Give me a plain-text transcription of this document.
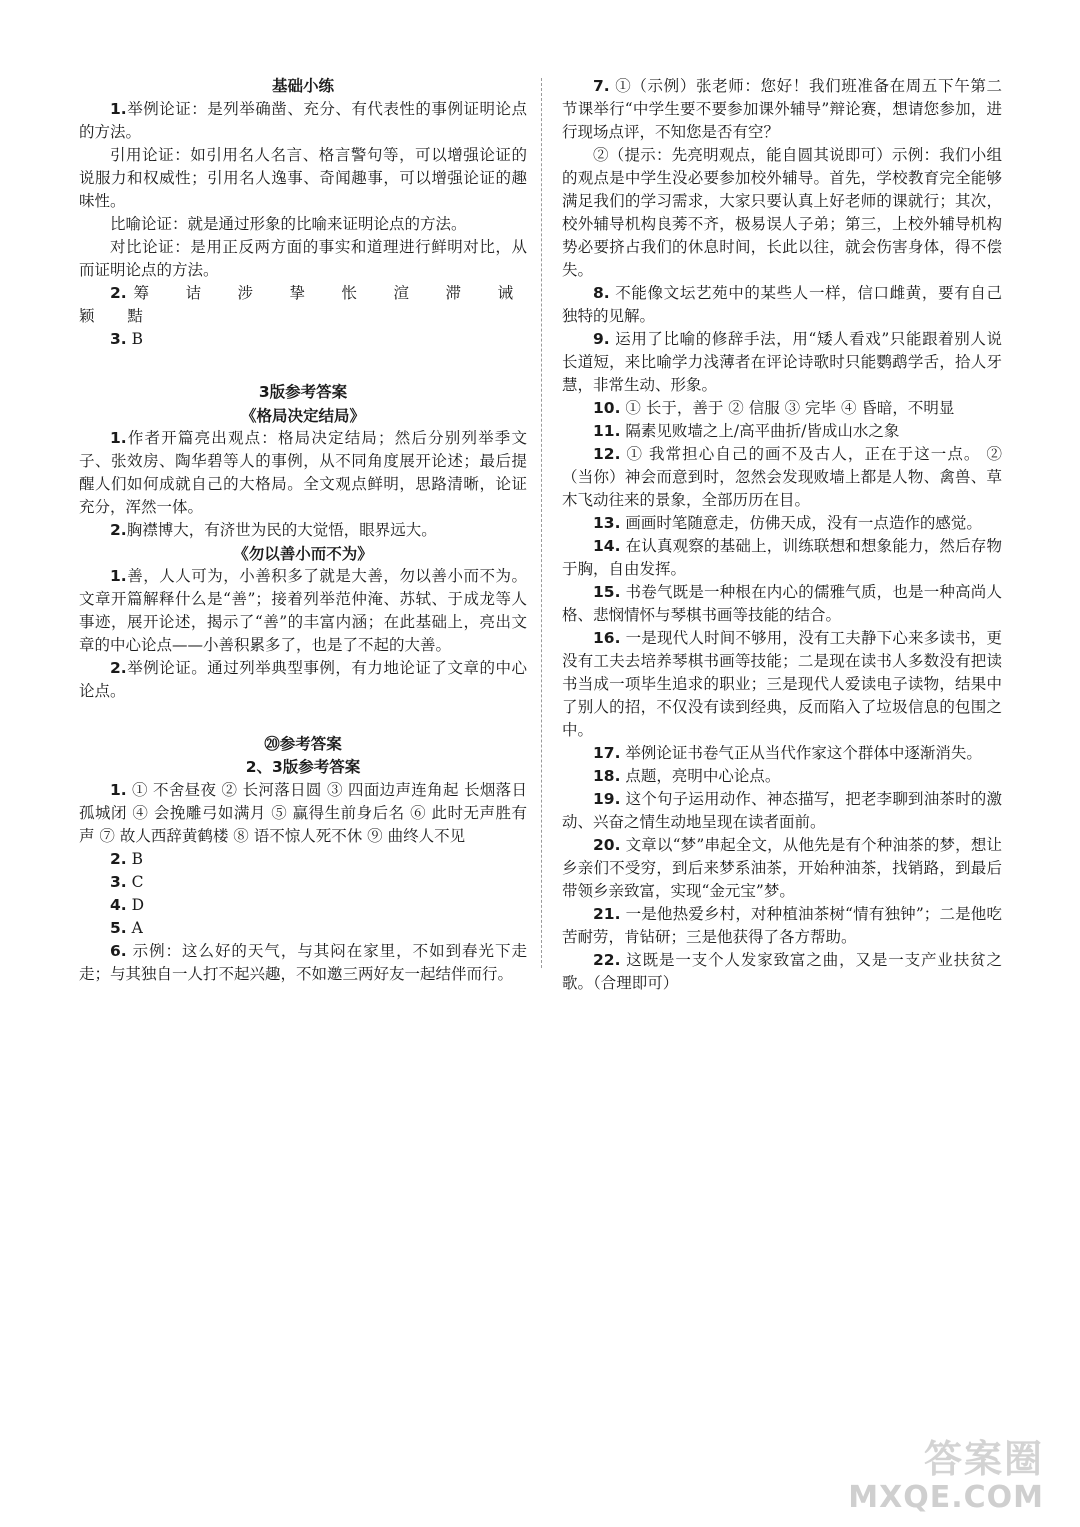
基础小练

1.举例论证：是列举确凿、充分、有代表性的事例证明论点的方法。

引用论证：如引用名人名言、格言警句等，可以增强论证的说服力和权威性；引用名人逸事、奇闻趣事，可以增强论证的趣味性。

比喻论证：就是通过形象的比喻来证明论点的方法。

对比论证：是用正反两方面的事实和道理进行鲜明对比，从而证明论点的方法。

2. 筹 诘 涉 挚 怅 渲 滞 诫 颖 黠

3. B

3版参考答案

《格局决定结局》

1.作者开篇亮出观点：格局决定结局；然后分别列举季文子、张效房、陶华碧等人的事例，从不同角度展开论述；最后提醒人们如何成就自己的大格局。全文观点鲜明，思路清晰，论证充分，浑然一体。

2.胸襟博大，有济世为民的大觉悟，眼界远大。

《勿以善小而不为》

1.善，人人可为，小善积多了就是大善，勿以善小而不为。文章开篇解释什么是“善”；接着列举范仲淹、苏轼、于成龙等人事迹，展开论述，揭示了“善”的丰富内涵；在此基础上，亮出文章的中心论点——小善积累多了，也是了不起的大善。

2.举例论证。通过列举典型事例，有力地论证了文章的中心论点。

⑳参考答案

2、3版参考答案

1. ① 不舍昼夜 ② 长河落日圆 ③ 四面边声连角起 长烟落日孤城闭 ④ 会挽雕弓如满月 ⑤ 赢得生前身后名 ⑥ 此时无声胜有声 ⑦ 故人西辞黄鹤楼 ⑧ 语不惊人死不休 ⑨ 曲终人不见

2. B

3. C

4. D

5. A

6. 示例：这么好的天气，与其闷在家里，不如到春光下走走；与其独自一人打不起兴趣，不如邀三两好友一起结伴而行。

7. ①（示例）张老师：您好！我们班准备在周五下午第二节课举行“中学生要不要参加课外辅导”辩论赛，想请您参加，进行现场点评，不知您是否有空？

②（提示：先亮明观点，能自圆其说即可）示例：我们小组的观点是中学生没必要参加校外辅导。首先，学校教育完全能够满足我们的学习需求，大家只要认真上好老师的课就行；其次，校外辅导机构良莠不齐，极易误人子弟；第三，上校外辅导机构势必要挤占我们的休息时间，长此以往，就会伤害身体，得不偿失。

8. 不能像文坛艺苑中的某些人一样，信口雌黄，要有自己独特的见解。

9. 运用了比喻的修辞手法，用“矮人看戏”只能跟着别人说长道短，来比喻学力浅薄者在评论诗歌时只能鹦鹉学舌，拾人牙慧，非常生动、形象。

10. ① 长于，善于 ② 信服 ③ 完毕 ④ 昏暗，不明显

11. 隔素见败墙之上/高平曲折/皆成山水之象

12. ① 我常担心自己的画不及古人，正在于这一点。 ②（当你）神会而意到时，忽然会发现败墙上都是人物、禽兽、草木飞动往来的景象，全部历历在目。

13. 画画时笔随意走，仿佛天成，没有一点造作的感觉。

14. 在认真观察的基础上，训练联想和想象能力，然后存物于胸，自由发挥。

15. 书卷气既是一种根在内心的儒雅气质，也是一种高尚人格、悲悯情怀与琴棋书画等技能的结合。

16. 一是现代人时间不够用，没有工夫静下心来多读书，更没有工夫去培养琴棋书画等技能；二是现在读书人多数没有把读书当成一项毕生追求的职业；三是现代人爱读电子读物，结果中了别人的招，不仅没有读到经典，反而陷入了垃圾信息的包围之中。

17. 举例论证书卷气正从当代作家这个群体中逐渐消失。

18. 点题，亮明中心论点。

19. 这个句子运用动作、神态描写，把老李聊到油茶时的激动、兴奋之情生动地呈现在读者面前。

20. 文章以“梦”串起全文，从他先是有个种油茶的梦，想让乡亲们不受穷，到后来梦系油茶，开始种油茶，找销路，到最后带领乡亲致富，实现“金元宝”梦。

21. 一是他热爱乡村，对种植油茶树“情有独钟”；二是他吃苦耐劳，肯钻研；三是他获得了各方帮助。

22. 这既是一支个人发家致富之曲，又是一支产业扶贫之歌。（合理即可）

答案圈
MXQE.COM
